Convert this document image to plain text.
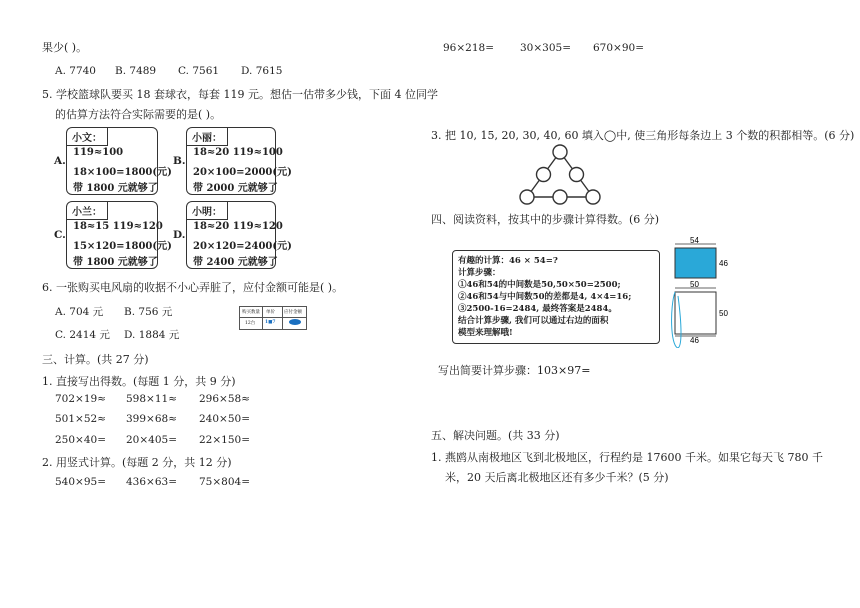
果少( )。
A. 7740 B. 7489 C. 7561 D. 7615
5. 学校篮球队要买 18 套球衣，每套 119 元。想估一估带多少钱，下面 4 位同学
的估算方法符合实际需要的是( )。
A.
小文：
119≈100
18×100=1800(元)
带 1800 元就够了
B.
小丽：
18≈20 119≈100
20×100=2000(元)
带 2000 元就够了
C.
小兰：
18≈15 119≈120
15×120=1800(元)
带 1800 元就够了
D.
小明：
18≈20 119≈120
20×120=2400(元)
带 2400 元就够了
6. 一张购买电风扇的收据不小心弄脏了，应付金额可能是( )。
A. 704 元 B. 756 元
C. 2414 元 D. 1884 元
购买数量 单价 应付金额
12台 1■7
三、计算。(共 27 分)
1. 直接写出得数。(每题 1 分，共 9 分)
702×19≈ 598×11≈ 296×58≈
501×52≈ 399×68≈ 240×50=
250×40= 20×405= 22×150=
2. 用竖式计算。(每题 2 分，共 12 分)
540×95= 436×63= 75×804=
96×218= 30×305= 670×90=
3. 把 10, 15, 20, 30, 40, 60 填入◯中, 使三角形每条边上 3 个数的积都相等。(6 分)
四、阅读资料，按其中的步骤计算得数。(6 分)
有趣的计算：46 × 54=?
计算步骤：
①46和54的中间数是50,50×50=2500;
②46和54与中间数50的差都是4, 4×4=16;
③2500-16=2484, 最终答案是2484。
结合计算步骤, 我们可以通过右边的面积
模型来理解哦!
54
46
50
50
46
写出简要计算步骤：103×97=
五、解决问题。(共 33 分)
1. 燕鸥从南极地区飞到北极地区，行程约是 17600 千米。如果它每天飞 780 千
米，20 天后离北极地区还有多少千米？(5 分)
